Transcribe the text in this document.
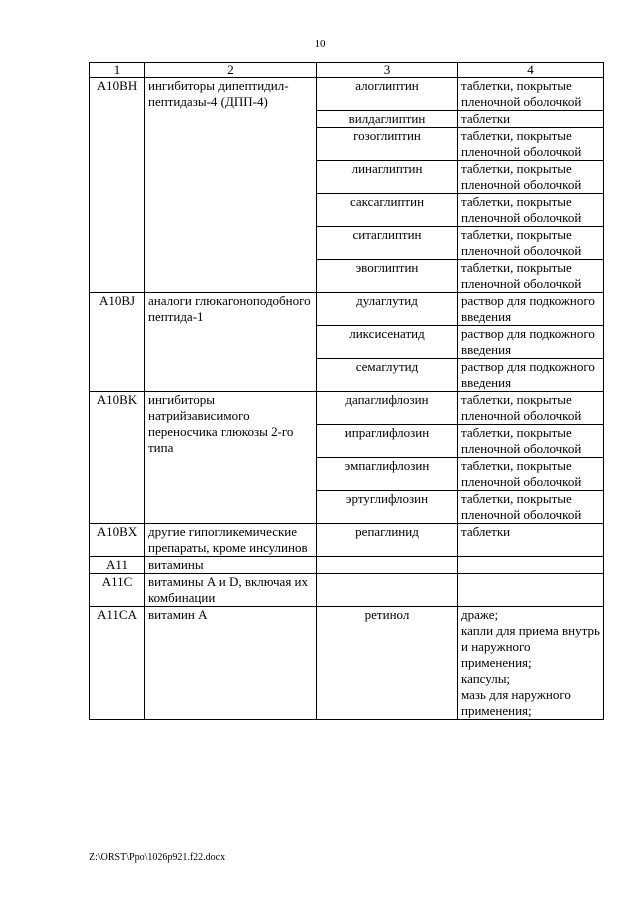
10
1	2	3	4
A10BH	ингибиторы дипептидил-пептидазы-4 (ДПП-4)	алоглиптин	таблетки, покрытые пленочной оболочкой
		вилдаглиптин	таблетки
		гозоглиптин	таблетки, покрытые пленочной оболочкой
		линаглиптин	таблетки, покрытые пленочной оболочкой
		саксаглиптин	таблетки, покрытые пленочной оболочкой
		ситаглиптин	таблетки, покрытые пленочной оболочкой
		эвоглиптин	таблетки, покрытые пленочной оболочкой
A10BJ	аналоги глюкагоноподобного пептида-1	дулаглутид	раствор для подкожного введения
		ликсисенатид	раствор для подкожного введения
		семаглутид	раствор для подкожного введения
A10BK	ингибиторы натрийзависимого переносчика глюкозы 2-го типа	дапаглифлозин	таблетки, покрытые пленочной оболочкой
		ипраглифлозин	таблетки, покрытые пленочной оболочкой
		эмпаглифлозин	таблетки, покрытые пленочной оболочкой
		эртуглифлозин	таблетки, покрытые пленочной оболочкой
A10BX	другие гипогликемические препараты, кроме инсулинов	репаглинид	таблетки
A11	витамины		
A11C	витамины A и D, включая их комбинации		
A11CA	витамин A	ретинол	драже;
капли для приема внутрь и наружного применения;
капсулы;
мазь для наружного применения;
Z:\ORST\Ppo\1026p921.f22.docx
